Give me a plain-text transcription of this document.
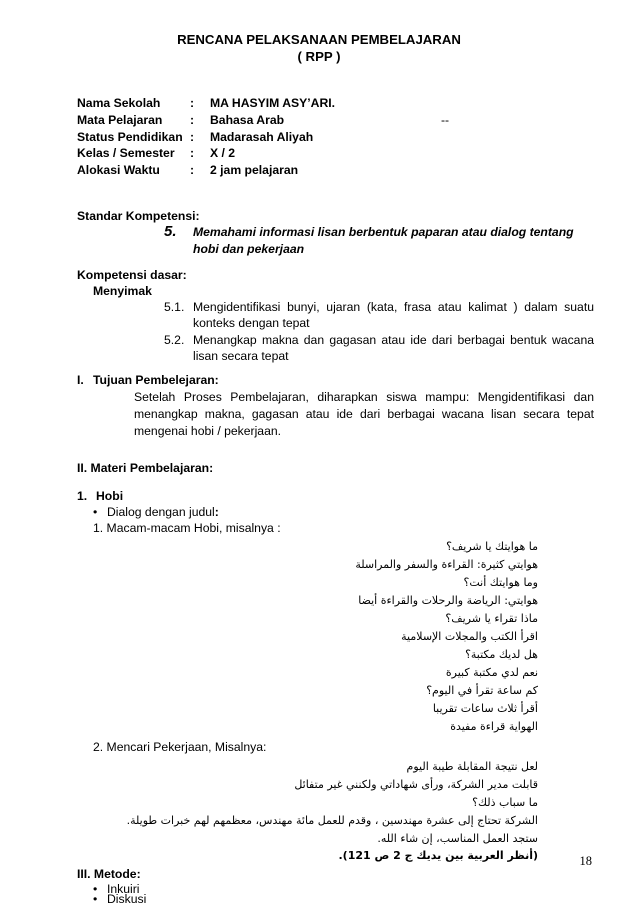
RENCANA PELAKSANAAN PEMBELAJARAN
( RPP )
Nama Sekolah : MA HASYIM ASY’ARI.
Mata Pelajaran : Bahasa Arab	--
Status Pendidikan : Madarasah Aliyah
Kelas / Semester : X / 2
Alokasi Waktu : 2 jam pelajaran
Standar Kompetensi:
5. Memahami informasi lisan berbentuk paparan atau dialog tentang
hobi dan pekerjaan
Kompetensi dasar:
Menyimak
5.1. Mengidentifikasi bunyi, ujaran (kata, frasa atau kalimat ) dalam suatu
konteks dengan tepat
5.2. Menangkap makna dan gagasan atau ide dari berbagai bentuk wacana
lisan secara tepat
I. Tujuan Pembelejaran:
Setelah Proses Pembelajaran, diharapkan siswa mampu: Mengidentifikasi dan
menangkap makna, gagasan atau ide dari berbagai wacana lisan secara tepat
mengenai hobi / pekerjaan.
II. Materi Pembelajaran:
1. Hobi
• Dialog dengan judul:
1. Macam-macam Hobi, misalnya :
ما هوايتك يا شريف؟
هوايتي كثيرة: القراءة والسفر والمراسلة
وما هوايتك أنت؟
هوايتي: الرياضة والرحلات والقراءة أيضا
ماذا تقراء يا شريف؟
اقرأ الكتب والمجلات الإسلامية
هل لديك مكتبة؟
نعم لدي مكتبة كبيرة
كم ساعة تقرأ في اليوم؟
أقرأ ثلاث ساعات تقريبا
الهواية قراءة مفيدة
2. Mencari Pekerjaan, Misalnya:
لعل نتيجة المقابلة طيبة اليوم
قابلت مدير الشركة، ورأى شهاداتي ولكنني غير متفائل
ما سباب ذلك؟
الشركة تحتاج إلى عشرة مهندسين ، وقدم للعمل مائة مهندس، معظمهم لهم خبرات طويلة.
ستجد العمل المناسب، إن شاء الله.
(أنظر العربية بين يديك ج 2 ص 121).
III. Metode:
• Inkuiri
• Diskusi
18
